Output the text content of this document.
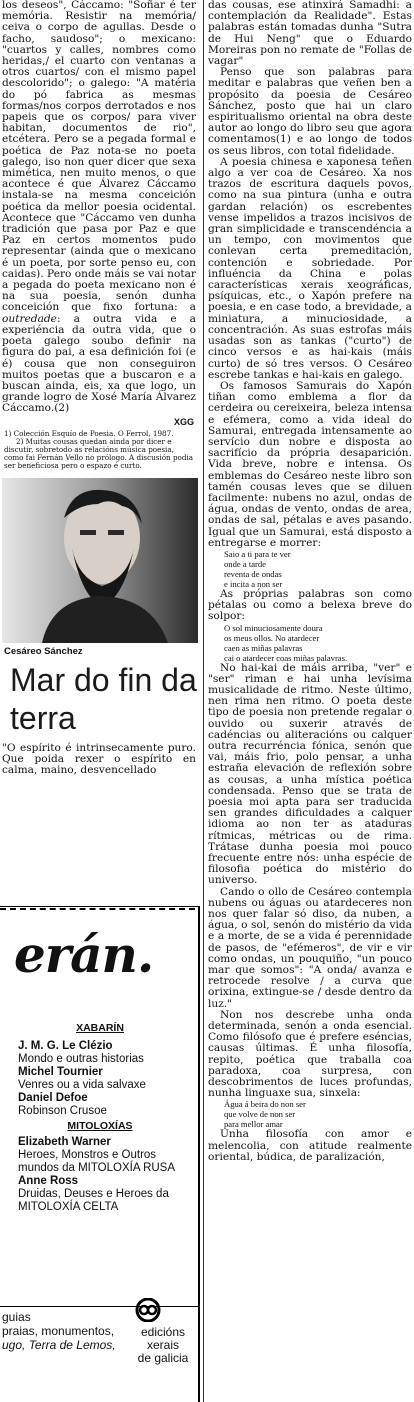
los deseos", Cáccamo: "Soñar é ter memória. Resistir na memória/ ceiva o corpo de agullas. Desde o facho, saudoso"; o mexicano: "cuartos y calles, nombres como heridas,/ el cuarto con ventanas a otros cuartos/ con el mismo papel descolorido"; o galego: "A matéria do pó fabrica as mesmas formas/nos corpos derrotados e nos papeis que os corpos/ para viver habitan, documentos de rio", etcétera. Pero se a pegada formal e poética de Paz nota-se no poeta galego, iso non quer dicer que sexa mimética, nen muito menos, o que acontece é que Álvarez Cáccamo instala-se na mesma conceición poética da mellor poesia ocidental. Acontece que "Cáccamo ven dunha tradición que pasa por Paz e que Paz en certos momentos pudo representar (ainda que o mexicano é un poeta, por sorte penso eu, con caidas). Pero onde máis se vai notar a pegada do poeta mexicano non é na sua poesia, senón dunha conceición que fixo fortuna: a outredade: a outra vida e a experiéncia da outra vida, que o poeta galego soubo definir na figura do pai, a esa definición foi (e é) cousa que non conseguiron muitos poetas que a buscaron e a buscan ainda, eis, xa que logo, un grande logro de Xosé María Álvarez Cáccamo.(2)

XGG

1) Colección Esquío de Poesia. O Ferrol, 1987.

2) Muitas cousas quedan ainda por dicer e discutir, sobretodo as relacións música poesia, como fai Fernán Vello no prólogo. A discusión podia ser beneficiosa pero o espazo é curto.

Cesáreo Sánchez
Mar do fin da terra

"O espírito é intrinsecamente puro. Que poida rexer o espírito en calma, maino, desvencellado

erán.
XABARÍN
J. M. G. Le Clézio
Mondo e outras historias
Michel Tournier
Venres ou a vida salvaxe
Daniel Defoe
Robinson Crusoe
MITOLOXÍAS
Elizabeth Warner
Heroes, Monstros e Outros mundos da MITOLOXÍA RUSA
Anne Ross
Druidas, Deuses e Heroes da MITOLOXÍA CELTA
guias
praias, monumentos,
ugo, Terra de Lemos,
edicións
xerais
de galicia

das cousas, ese atinxirá Samadhi: a contemplación da Realidade". Estas palabras están tomadas dunha "Sutra de Hui Neng" que o Eduardo Moreiras pon no remate de "Follas de vagar"

Penso que son palabras para meditar e palabras que veñen ben a propósito da poesia de Cesáreo Sánchez, posto que hai un claro espiritualismo oriental na obra deste autor ao longo do libro seu que agora comentamos(1) e ao longo de todos os seus libros, con total fidelidade.

A poesia chinesa e xaponesa teñen algo a ver coa de Cesáreo. Xa nos trazos de escritura daquels povos, como na sua pintura (unha e outra gardan relación) os escrebentes vense impelidos a trazos incisivos de gran simplicidade e transcendéncia a un tempo, con movimentos que conlevan certa premeditación, contención e sobriedade. Por influéncia da China e polas características xerais xeográficas, psíquicas, etc., o Xapón prefere na poesia, e en case todo, a brevidade, a miniatura, a minuciosidade, a concentración. As suas estrofas máis usadas son as tankas ("curto") de cinco versos e as hai-kais (máis curto) de só tres versos. O Cesáreo escrebe tankas e hai-kais en galego.

Os famosos Samurais do Xapón tiñan como emblema a flor da cerdeira ou cereixeira, beleza intensa e efémera, como a vida ideal do Samurai, entregada intensamente ao servício dun nobre e disposta ao sacrifício da própria desaparición. Vida breve, nobre e intensa. Os emblemas do Cesáreo neste libro son tamén cousas leves que se diluen facilmente: nubens no azul, ondas de água, ondas de vento, ondas de area, ondas de sal, pétalas e aves pasando. Igual que un Samurai, está disposto a entregarse e morrer:

Saio a ti para te ver

onde a tarde

reventa de ondas

e incita a non ser

As próprias palabras son como pétalas ou como a belexa breve do solpor:

O sol minuciosamente doura

os meus ollos. No atardecer

caen as miñas palavras

cai o atardecer coas miñas palavras.

No hai-kai de máis arriba, "ver" e "ser" riman e hai unha levísima musicalidade de ritmo. Neste último, nen rima nen ritmo. O poeta deste tipo de poesia non pretende regalar o ouvido ou suxerir através de cadéncias ou aliteracións ou calquer outra recurréncia fónica, senón que vai, máis frio, polo pensar, a unha estraña elevación de reflexión sobre as cousas, a unha mística poética condensada. Penso que se trata de poesia moi apta para ser traducida sen grandes dificuldades a calquer idioma ao non ter as ataduras rítmicas, métricas ou de rima. Trátase dunha poesia moi pouco frecuente entre nós: unha espécie de filosofia poética do mistério do universo.

Cando o ollo de Cesáreo contempla nubens ou águas ou atardeceres non nos quer falar só diso, da nuben, a água, o sol, senón do mistério da vida e a morte, de se a vida é perennidade de pasos, de "efémeros", de vir e vir como ondas, un pouquiño, "un pouco mar que somos": "A onda/ avanza e retrocede resolve / a curva que orixina, extingue-se / desde dentro da luz."

Non nos descrebe unha onda determinada, senón a onda esencial. Como filósofo que é prefere eséncias, causas últimas. É unha filosofía, repito, poética que traballa coa paradoxa, coa surpresa, con descobrimentos de luces profundas, nunha linguaxe sua, sinxela:

Água á beira do non ser

que volve de non ser

para mellor amar

Unha filosofía con amor e melencolia, con atitude realmente oriental, búdica, de paralización,
